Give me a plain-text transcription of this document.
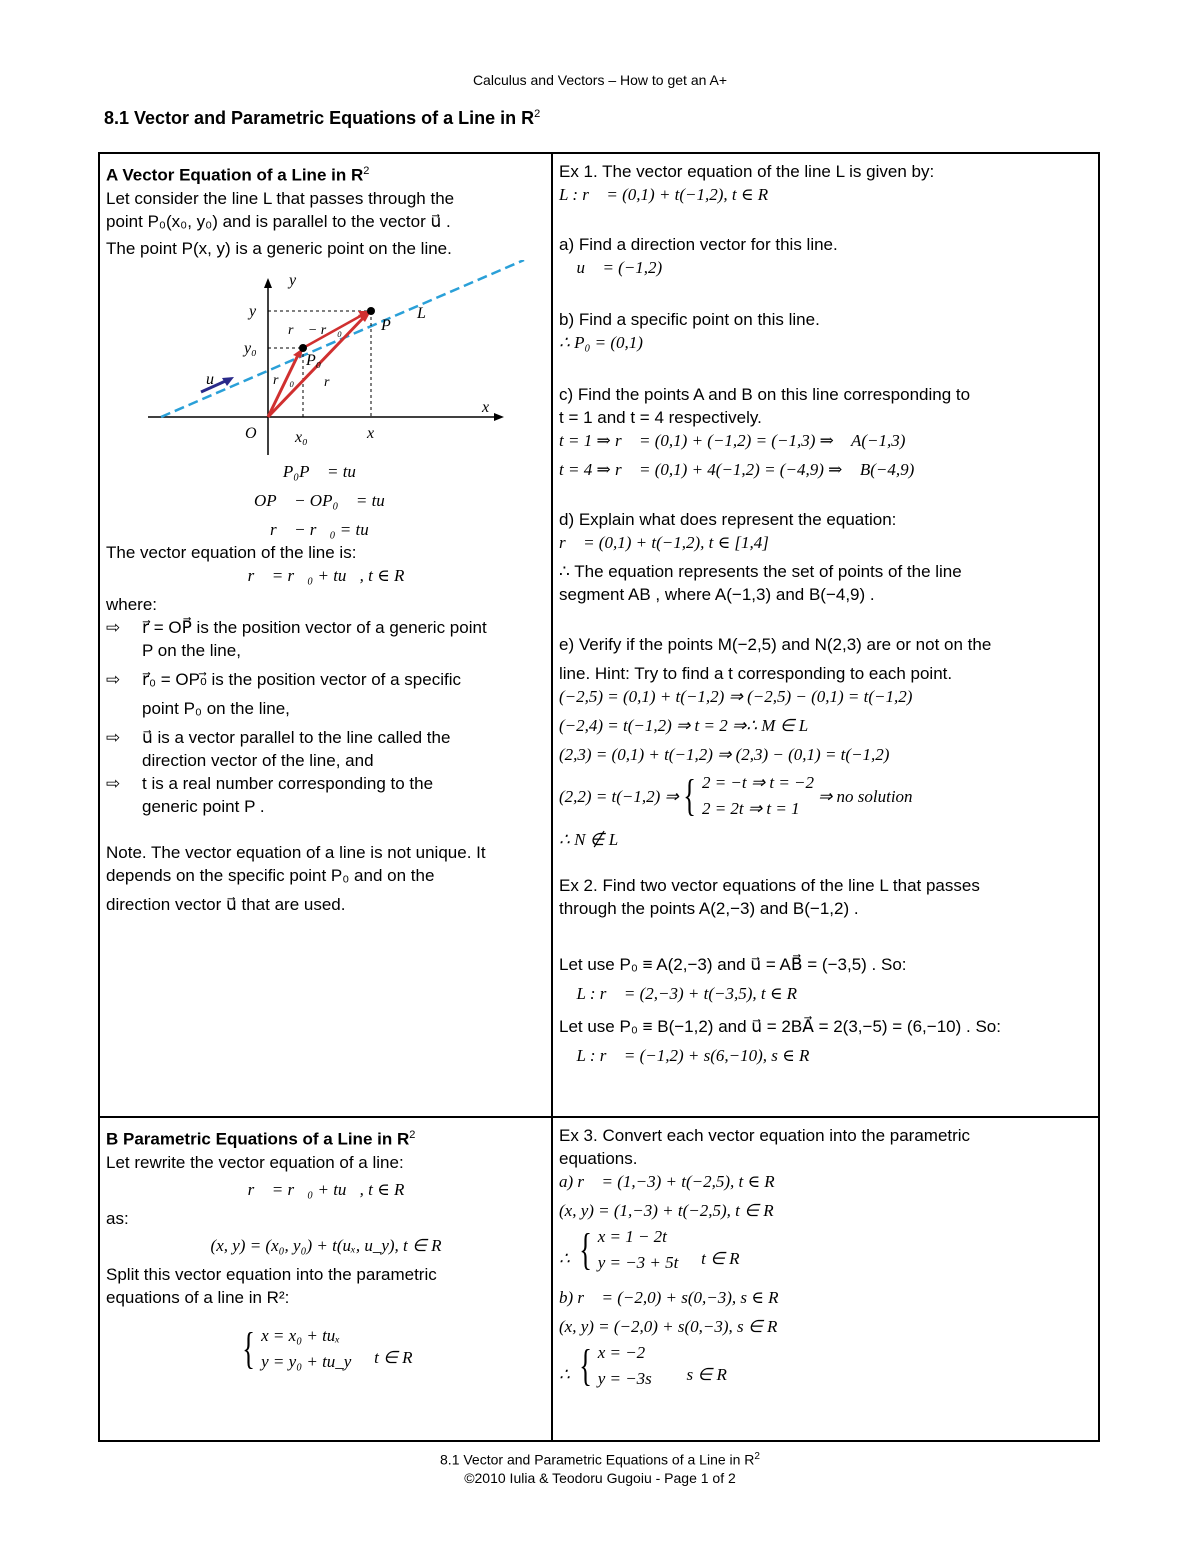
Calculus and Vectors – How to get an A+
8.1 Vector and Parametric Equations of a Line in $R^2$

A Vector Equation of a Line in $R^2$

Let consider the line L that passes through the

point P₀(x₀, y₀) and is parallel to the vector u⃗ .

The point P(x, y) is a generic point on the line.

y
x
O
y
y₀
x₀	x
P
P₀
L
u⃗
r⃗ − r⃗₀
r⃗₀ r⃗

P₀P⃗ = tu⃗

OP⃗ − OP₀⃗ = tu⃗

r⃗ − r⃗₀ = tu⃗

The vector equation of the line is:

r⃗ = r⃗₀ + tu⃗, t ∈ R

where:

⇨	r⃗ = OP⃗ is the position vector of a generic point

P on the line,

⇨	r⃗₀ = OP₀⃗ is the position vector of a specific

point P₀ on the line,

⇨	u⃗ is a vector parallel to the line called the

direction vector of the line, and

⇨	t is a real number corresponding to the

generic point P .

Note. The vector equation of a line is not unique. It

depends on the specific point P₀ and on the

direction vector u⃗ that are used.

Ex 1. The vector equation of the line L is given by:

L : r⃗ = (0,1) + t(−1,2), t ∈ R

a) Find a direction vector for this line.

∴ u⃗ = (−1,2)

b) Find a specific point on this line.

∴ P₀ = (0,1)

c) Find the points A and B on this line corresponding to

t = 1 and t = 4 respectively.

t = 1 ⇒ r⃗ = (0,1) + (−1,2) = (−1,3) ⇒∴ A(−1,3)

t = 4 ⇒ r⃗ = (0,1) + 4(−1,2) = (−4,9) ⇒∴ B(−4,9)

d) Explain what does represent the equation:

r⃗ = (0,1) + t(−1,2), t ∈ [1,4]

∴ The equation represents the set of points of the line

segment AB , where A(−1,3) and B(−4,9) .

e) Verify if the points M(−2,5) and N(2,3) are or not on the

line. Hint: Try to find a t corresponding to each point.

(−2,5) = (0,1) + t(−1,2) ⇒ (−2,5) − (0,1) = t(−1,2)

(−2,4) = t(−1,2) ⇒ t = 2 ⇒∴ M ∈ L

(2,3) = (0,1) + t(−1,2) ⇒ (2,3) − (0,1) = t(−1,2)

(2,2) = t(−1,2) ⇒ { 2 = −t ⇒ t = −2
2 = 2t ⇒ t = 1
⇒ no solution

∴ N ∉ L

Ex 2. Find two vector equations of the line L that passes

through the points A(2,−3) and B(−1,2) .

Let use P₀ ≡ A(2,−3) and u⃗ = AB⃗ = (−3,5) . So:

∴ L : r⃗ = (2,−3) + t(−3,5), t ∈ R

Let use P₀ ≡ B(−1,2) and u⃗ = 2BA⃗ = 2(3,−5) = (6,−10) . So:

∴ L : r⃗ = (−1,2) + s(6,−10), s ∈ R

B Parametric Equations of a Line in $R^2$

Let rewrite the vector equation of a line:

r⃗ = r⃗₀ + tu⃗, t ∈ R

as:

(x, y) = (x₀, y₀) + t(uₓ, u_y), t ∈ R

Split this vector equation into the parametric

equations of a line in R²:

{ x = x₀ + tuₓ
y = y₀ + tu_y t ∈ R

Ex 3. Convert each vector equation into the parametric

equations.

a) r⃗ = (1,−3) + t(−2,5), t ∈ R

(x, y) = (1,−3) + t(−2,5), t ∈ R

∴ { x = 1 − 2t
y = −3 + 5t t ∈ R

b) r⃗ = (−2,0) + s(0,−3), s ∈ R

(x, y) = (−2,0) + s(0,−3), s ∈ R

∴ { x = −2
y = −3s s ∈ R
8.1 Vector and Parametric Equations of a Line in $R^2$
©2010 Iulia & Teodoru Gugoiu - Page 1 of 2
